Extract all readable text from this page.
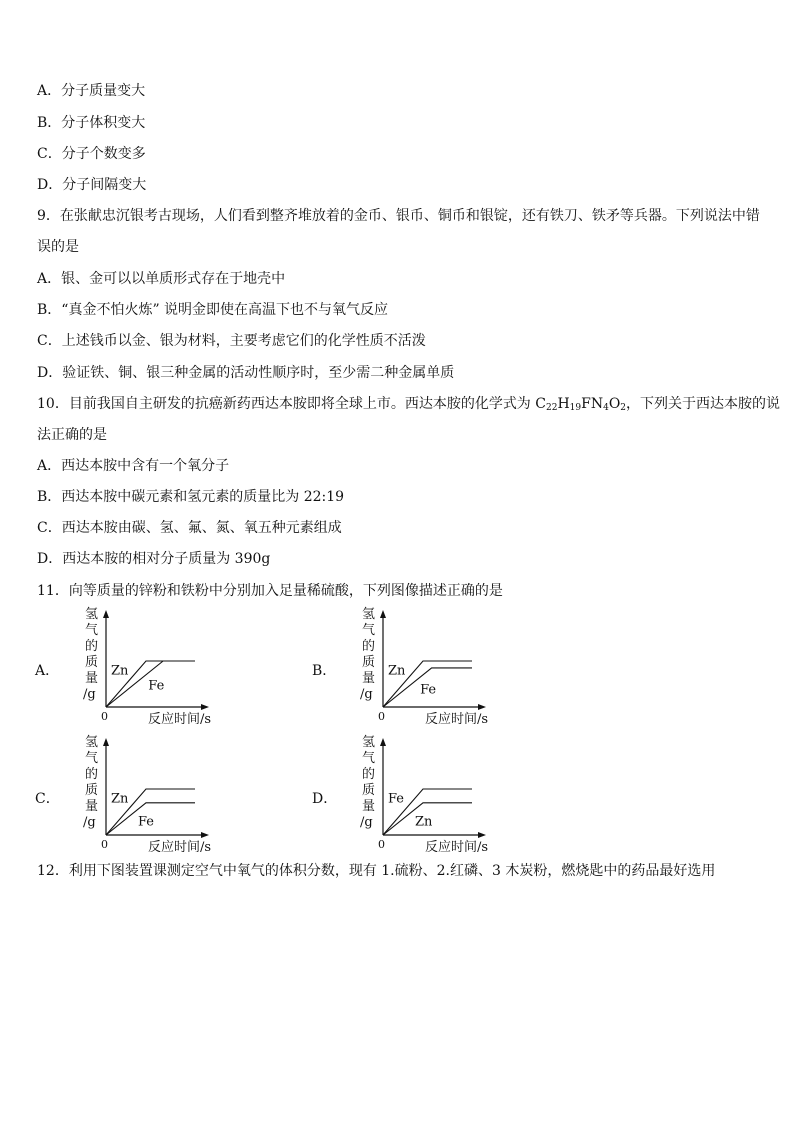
A．分子质量变大
B．分子体积变大
C．分子个数变多
D．分子间隔变大
9．在张献忠沉银考古现场，人们看到整齐堆放着的金币、银币、铜币和银锭，还有铁刀、铁矛等兵器。下列说法中错
误的是
A．银、金可以以单质形式存在于地壳中
B．“真金不怕火炼” 说明金即使在高温下也不与氧气反应
C．上述钱币以金、银为材料，主要考虑它们的化学性质不活泼
D．验证铁、铜、银三种金属的活动性顺序时，至少需二种金属单质
10．目前我国自主研发的抗癌新药西达本胺即将全球上市。西达本胺的化学式为 $C_{22}H_{19}FN_4O_2$，下列关于西达本胺的说
法正确的是
A．西达本胺中含有一个氧分子
B．西达本胺中碳元素和氢元素的质量比为 22:19
C．西达本胺由碳、氢、氟、氮、氧五种元素组成
D．西达本胺的相对分子质量为 390g
11．向等质量的锌粉和铁粉中分别加入足量稀硫酸，下列图像描述正确的是
A．
氢
气
的
质
量
/g
0	反应时间/s
Zn
Fe
B．
氢
气
的
质
量
/g
0	反应时间/s
Zn
Fe
C．
氢
气
的
质
量
/g
0	反应时间/s
Zn
Fe
D．
氢
气
的
质
量
/g
0	反应时间/s
Fe
Zn
12．利用下图装置课测定空气中氧气的体积分数，现有 1.硫粉、2.红磷、3 木炭粉，燃烧匙中的药品最好选用
